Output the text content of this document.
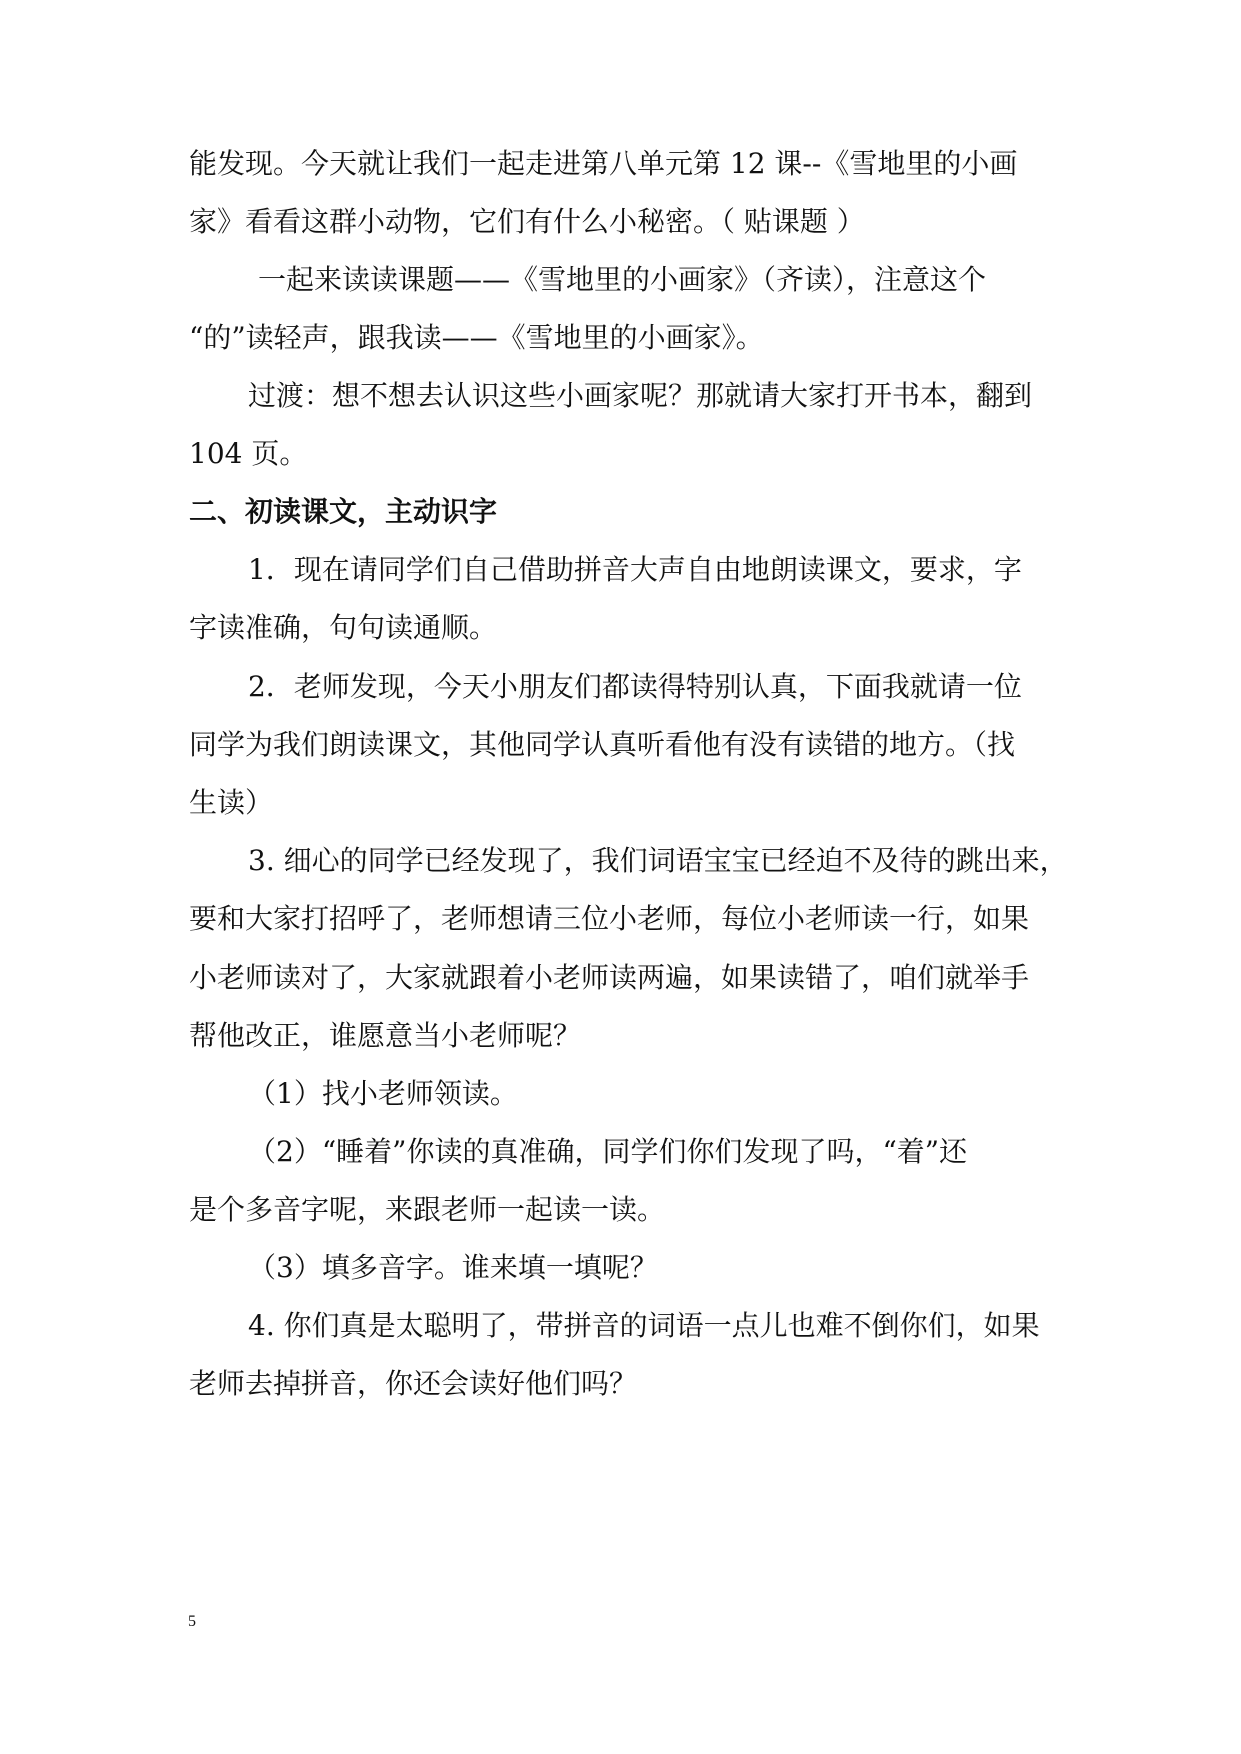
能发现。今天就让我们一起走进第八单元第 12 课--《雪地里的小画
家》看看这群小动物，它们有什么小秘密。（ 贴课题 ）
一起来读读课题——《雪地里的小画家》（齐读），注意这个
“的”读轻声，跟我读——《雪地里的小画家》。
过渡：想不想去认识这些小画家呢？那就请大家打开书本，翻到
104 页。
二、初读课文，主动识字
1．现在请同学们自己借助拼音大声自由地朗读课文，要求，字
字读准确，句句读通顺。
2．老师发现，今天小朋友们都读得特别认真，下面我就请一位
同学为我们朗读课文，其他同学认真听看他有没有读错的地方。（找
生读）
3. 细心的同学已经发现了，我们词语宝宝已经迫不及待的跳出来，
要和大家打招呼了，老师想请三位小老师，每位小老师读一行，如果
小老师读对了，大家就跟着小老师读两遍，如果读错了，咱们就举手
帮他改正，谁愿意当小老师呢？
（1）找小老师领读。
（2）“睡着”你读的真准确，同学们你们发现了吗，“着”还
是个多音字呢，来跟老师一起读一读。
（3）填多音字。谁来填一填呢？
4. 你们真是太聪明了，带拼音的词语一点儿也难不倒你们，如果
老师去掉拼音，你还会读好他们吗？
5
